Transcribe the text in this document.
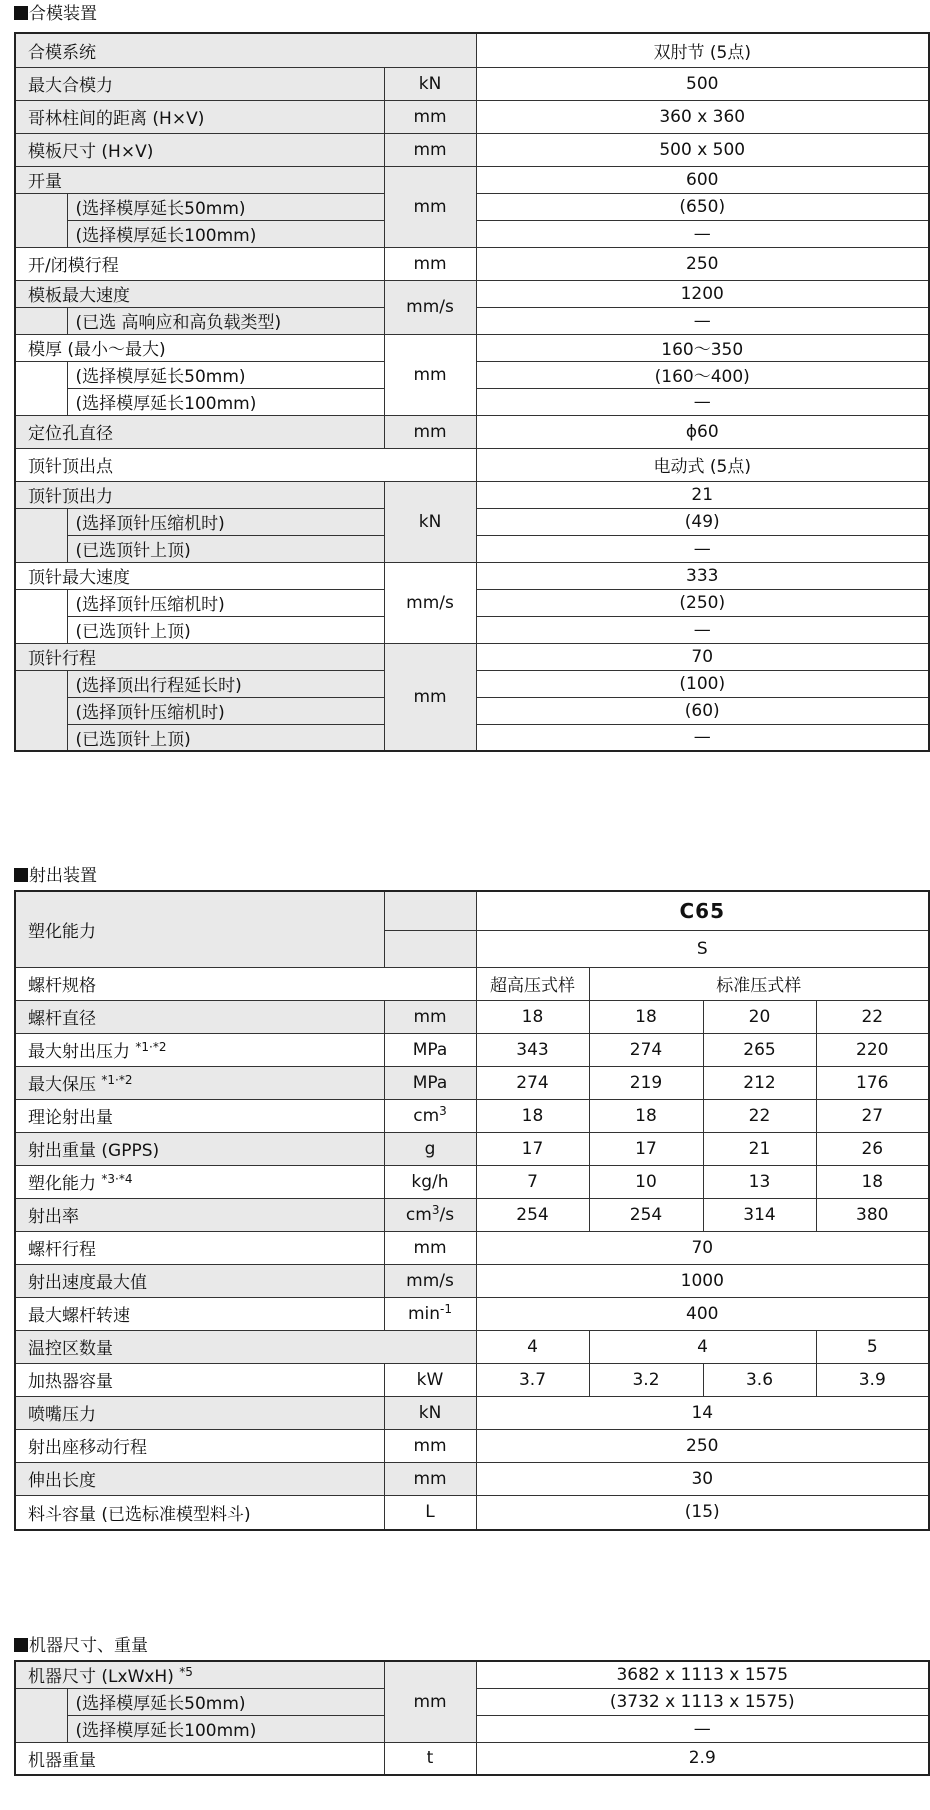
合模装置
合模系统			双肘节 (5点)
最大合模力		kN	500
哥林柱间的距离 (H×V)		mm	360 x 360
模板尺寸 (H×V)		mm	500 x 500
开量		mm	600
	(选择模厚延长50mm)		(650)
	(选择模厚延长100mm)		—
开/闭模行程		mm	250
模板最大速度		mm/s	1200
	(已选 高响应和高负载类型)		—
模厚 (最小～最大)		mm	160～350
	(选择模厚延长50mm)		(160～400)
	(选择模厚延长100mm)		—
定位孔直径		mm	ϕ60
顶针顶出点			电动式 (5点)
顶针顶出力		kN	21
	(选择顶针压缩机时)		(49)
	(已选顶针上顶)		—
顶针最大速度		mm/s	333
	(选择顶针压缩机时)		(250)
	(已选顶针上顶)		—
顶针行程		mm	70
	(选择顶出行程延长时)		(100)
	(选择顶针压缩机时)		(60)
	(已选顶针上顶)		—
射出装置
塑化能力		C65			
		S			
螺杆规格		超高压式样	标准压式样		
螺杆直径	mm	18	18	20	22
最大射出压力 $^{*1\cdot*2}$	MPa	343	274	265	220
最大保压 $^{*1\cdot*2}$	MPa	274	219	212	176
理论射出量	$cm^3$	18	18	22	27
射出重量 (GPPS)	g	17	17	21	26
塑化能力 $^{*3\cdot*4}$	kg/h	7	10	13	18
射出率	$cm^3/s$	254	254	314	380
螺杆行程	mm	70			
射出速度最大值	mm/s	1000			
最大螺杆转速	$\min^{-1}$	400			
温控区数量		4	4		5
加热器容量	kW	3.7	3.2	3.6	3.9
喷嘴压力	kN	14			
射出座移动行程	mm	250			
伸出长度	mm	30			
料斗容量 (已选标准模型料斗)	L	(15)			
机器尺寸、重量
机器尺寸 (LxWxH) $^{*5}$		mm	3682 x 1113 x 1575
	(选择模厚延长50mm)		(3732 x 1113 x 1575)
	(选择模厚延长100mm)		—
机器重量		t	2.9
